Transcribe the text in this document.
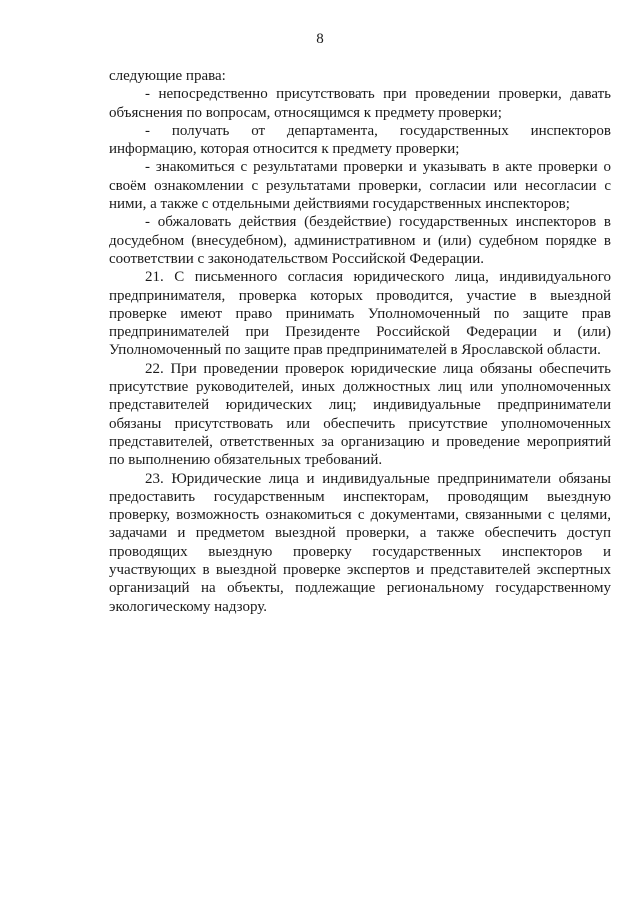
8

следующие права:

- непосредственно присутствовать при проведении проверки, давать объяснения по вопросам, относящимся к предмету проверки;

- получать от департамента, государственных инспекторов информацию, которая относится к предмету проверки;

- знакомиться с результатами проверки и указывать в акте проверки о своём ознакомлении с результатами проверки, согласии или несогласии с ними, а также с отдельными действиями государственных инспекторов;

- обжаловать действия (бездействие) государственных инспекторов в досудебном (внесудебном), административном и (или) судебном порядке в соответствии с законодательством Российской Федерации.

21. С письменного согласия юридического лица, индивидуального предпринимателя, проверка которых проводится, участие в выездной проверке имеют право принимать Уполномоченный по защите прав предпринимателей при Президенте Российской Федерации и (или) Уполномоченный по защите прав предпринимателей в Ярославской области.

22. При проведении проверок юридические лица обязаны обеспечить присутствие руководителей, иных должностных лиц или уполномоченных представителей юридических лиц; индивидуальные предприниматели обязаны присутствовать или обеспечить присутствие уполномоченных представителей, ответственных за организацию и проведение мероприятий по выполнению обязательных требований.

23. Юридические лица и индивидуальные предприниматели обязаны предоставить государственным инспекторам, проводящим выездную проверку, возможность ознакомиться с документами, связанными с целями, задачами и предметом выездной проверки, а также обеспечить доступ проводящих выездную проверку государственных инспекторов и участвующих в выездной проверке экспертов и представителей экспертных организаций на объекты, подлежащие региональному государственному экологическому надзору.
